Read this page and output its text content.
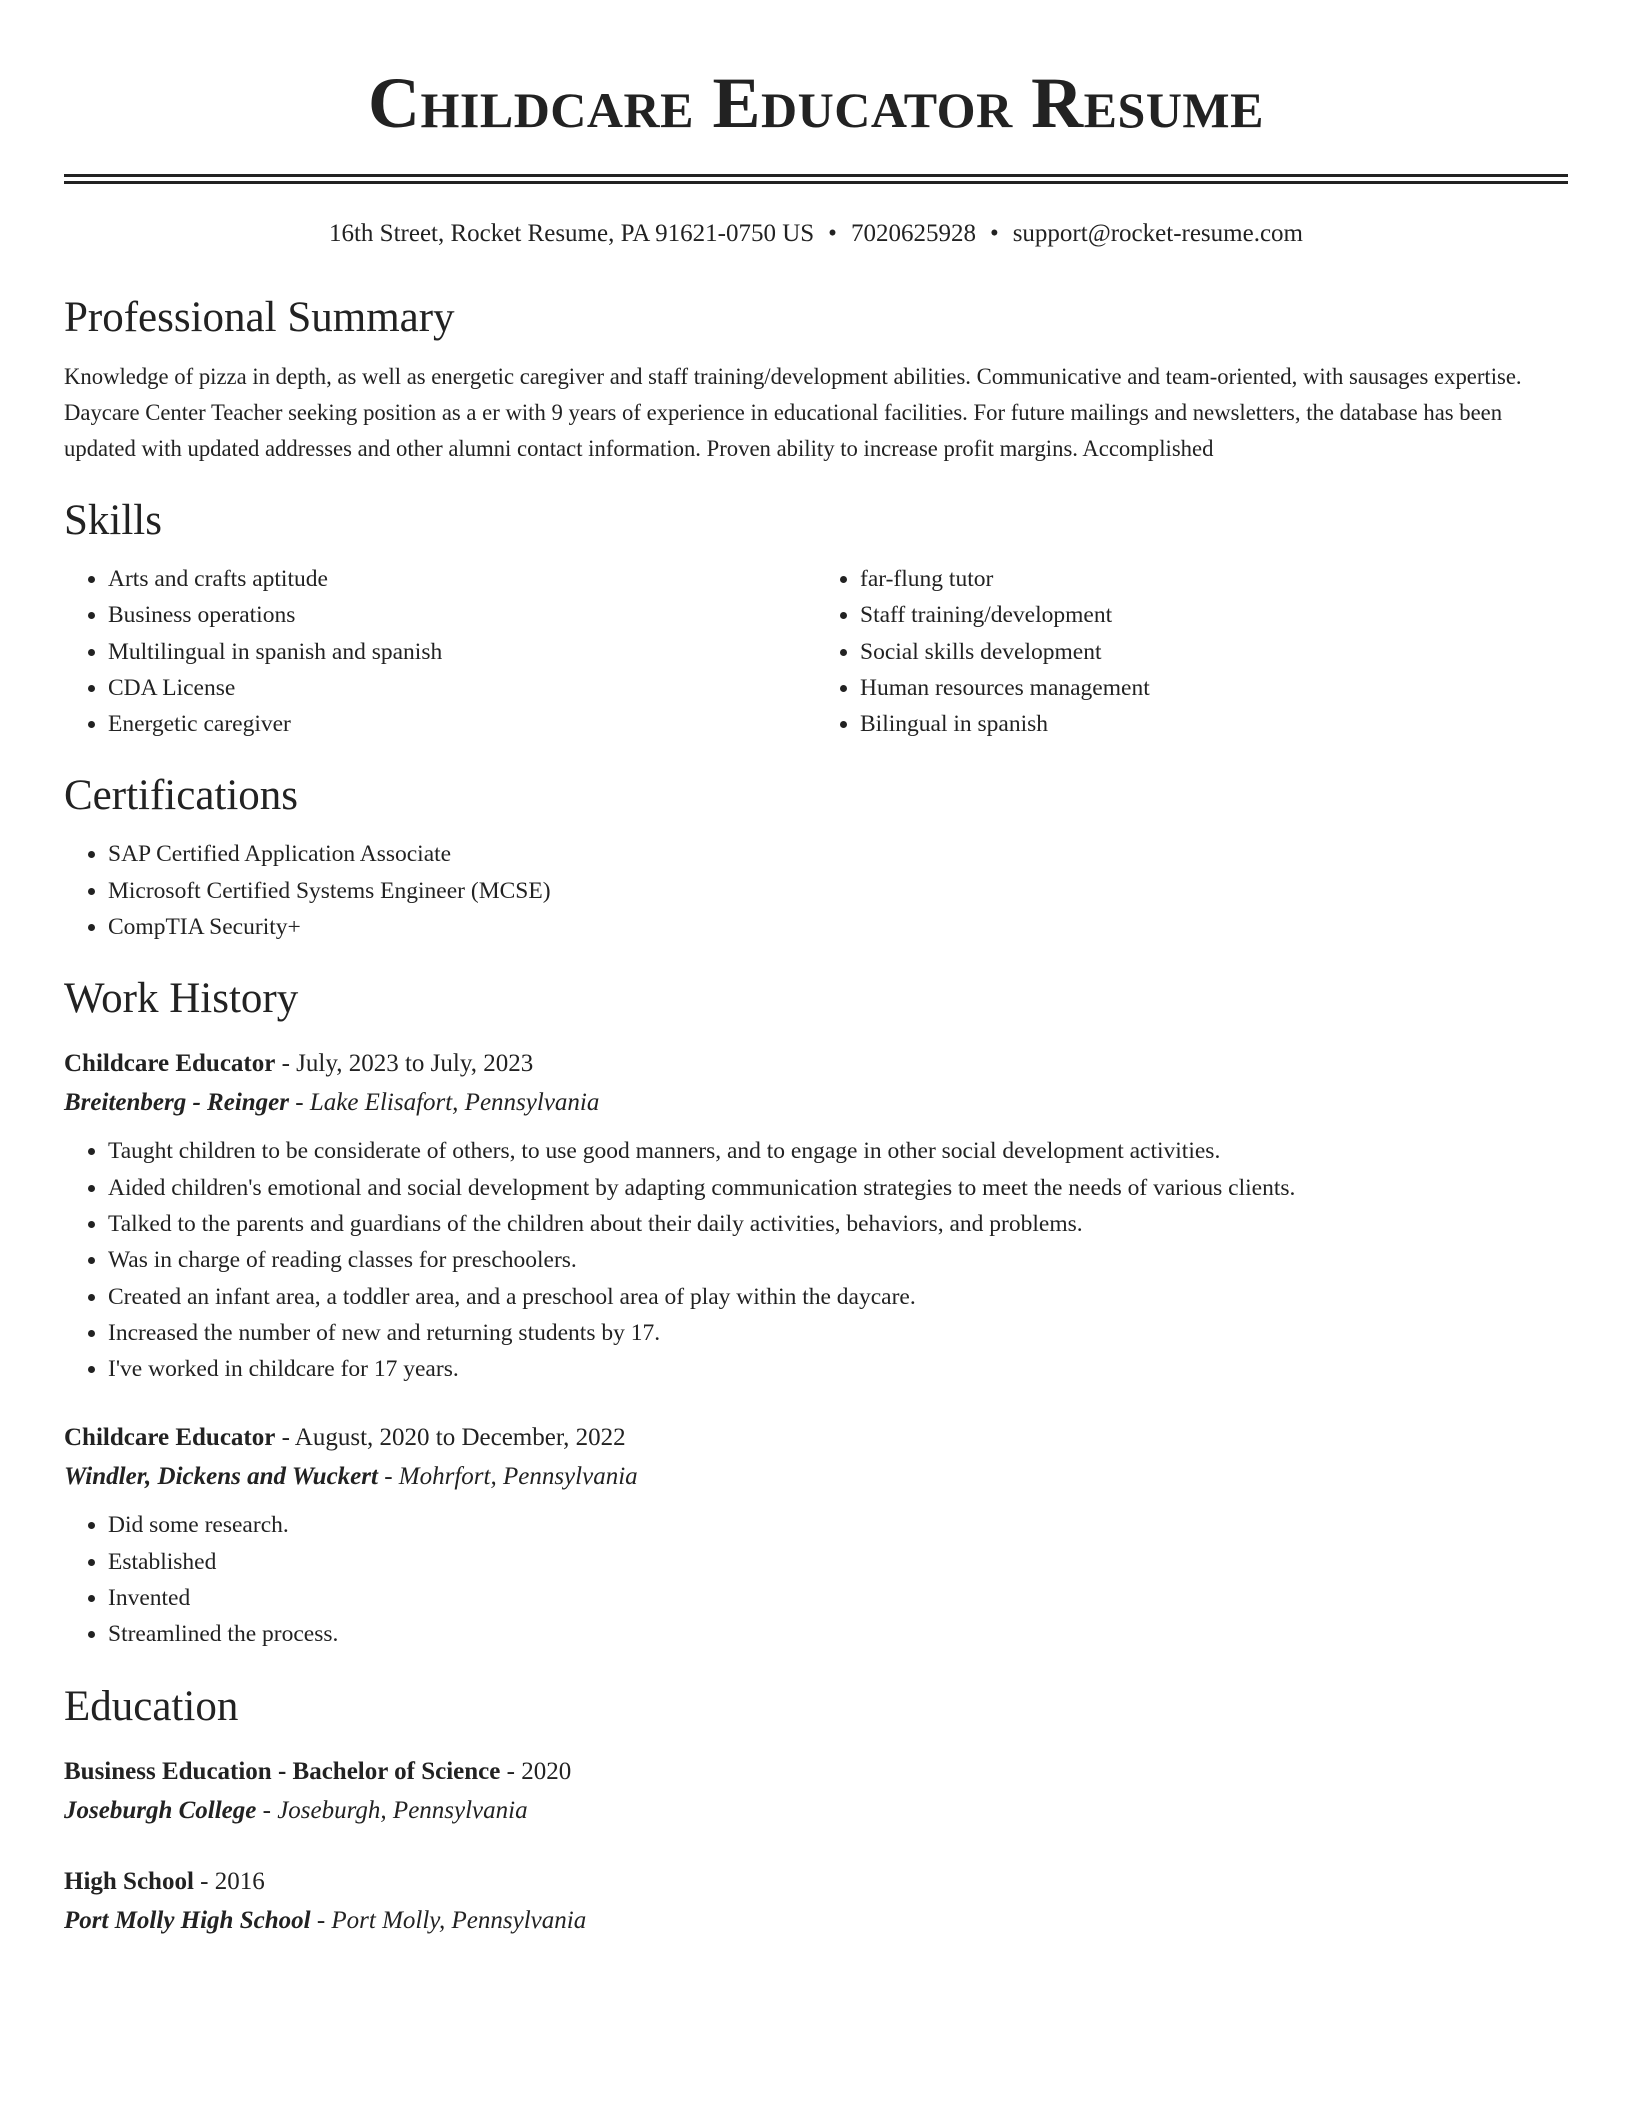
Childcare Educator Resume
16th Street, Rocket Resume, PA 91621-0750 US • 7020625928 • support@rocket-resume.com
Professional Summary

Knowledge of pizza in depth, as well as energetic caregiver and staff training/development abilities. Communicative and team-oriented, with sausages expertise. Daycare Center Teacher seeking position as a er with 9 years of experience in educational facilities. For future mailings and newsletters, the database has been updated with updated addresses and other alumni contact information. Proven ability to increase profit margins. Accomplished

Skills
• Arts and crafts aptitude
• Business operations
• Multilingual in spanish and spanish
• CDA License
• Energetic caregiver
• far-flung tutor
• Staff training/development
• Social skills development
• Human resources management
• Bilingual in spanish
Certifications
• SAP Certified Application Associate
• Microsoft Certified Systems Engineer (MCSE)
• CompTIA Security+
Work History
Childcare Educator - July, 2023 to July, 2023
Breitenberg - Reinger - Lake Elisafort, Pennsylvania
• Taught children to be considerate of others, to use good manners, and to engage in other social development activities.
• Aided children's emotional and social development by adapting communication strategies to meet the needs of various clients.
• Talked to the parents and guardians of the children about their daily activities, behaviors, and problems.
• Was in charge of reading classes for preschoolers.
• Created an infant area, a toddler area, and a preschool area of play within the daycare.
• Increased the number of new and returning students by 17.
• I've worked in childcare for 17 years.
Childcare Educator - August, 2020 to December, 2022
Windler, Dickens and Wuckert - Mohrfort, Pennsylvania
• Did some research.
• Established
• Invented
• Streamlined the process.
Education
Business Education - Bachelor of Science - 2020
Joseburgh College - Joseburgh, Pennsylvania
High School - 2016
Port Molly High School - Port Molly, Pennsylvania
